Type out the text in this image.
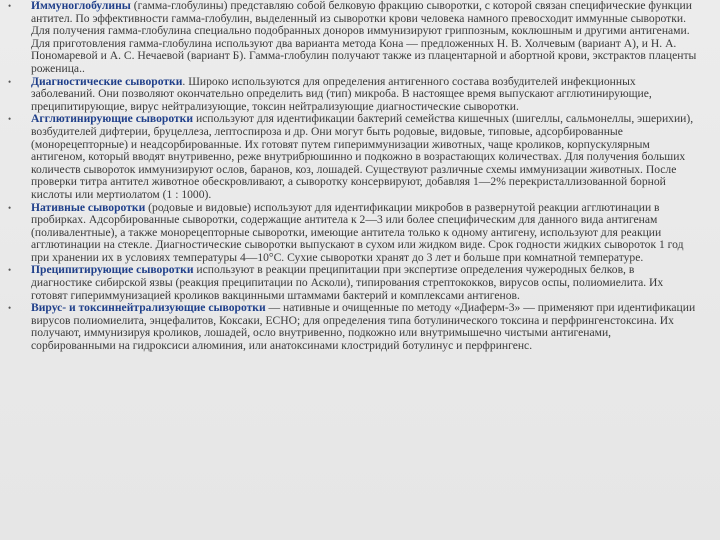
• Иммуноглобулины (гамма-глобулины) представляю собой белковую фракцию сыворотки, с которой связан специфические функции антител. По эффективности гамма-глобулин, выделенный из сыворотки крови человека намного превосходит иммунные сыворотки. Для получения гамма-глобулина специально подобранных доноров иммунизируют гриппозным, коклюшным и другими антигенами. Для приготовления гамма-глобулина используют два варианта метода Кона — предложенных Н. В. Холчевым (вариант А), и Н. А. Пономаревой и А. С. Нечаевой (вариант Б). Гамма-глобулин получают также из плацентарной и абортной крови, экстрактов плаценты роженица..
• Диагностические сыворотки. Широко используются для определения антигенного состава возбудителей инфекционных заболеваний. Они позволяют окончательно определить вид (тип) микроба. В настоящее время выпускают агглютинирующие, преципитирующие, вирус нейтрализующие, токсин нейтрализующие диагностические сыворотки.
• Агглютинирующие сыворотки используют для идентификации бактерий семейства кишечных (шигеллы, сальмонеллы, эшерихии), возбудителей дифтерии, бруцеллеза, лептоспироза и др. Они могут быть родовые, видовые, типовые, адсорбированные (монорецепторные) и неадсорбированные. Их готовят путем гипериммунизации животных, чаще кроликов, корпускулярным антигеном, который вводят внутривенно, реже внутрибрюшинно и подкожно в возрастающих количествах. Для получения больших количеств сывороток иммунизируют ослов, баранов, коз, лошадей. Существуют различные схемы иммунизации животных. После проверки титра антител животное обескровливают, а сыворотку консервируют, добавляя 1—2% перекристаллизованной борной кислоты или мертиолатом (1 : 1000).
• Нативные сыворотки (родовые и видовые) используют для идентификации микробов в развернутой реакции агглютинации в пробирках. Адсорбированные сыворотки, содержащие антитела к 2—3 или более специфическим для данного вида антигенам (поливалентные), а также монорецепторные сыворотки, имеющие антитела только к одному антигену, используют для реакции агглютинации на стекле. Диагностические сыворотки выпускают в сухом или жидком виде. Срок годности жидких сывороток 1 год при хранении их в условиях температуры 4—10°С. Сухие сыворотки хранят до 3 лет и больше при комнатной температуре.
• Преципитирующие сыворотки используют в реакции преципитации при экспертизе определения чужеродных белков, в диагностике сибирской язвы (реакция преципитации по Асколи), типирования стрептококков, вирусов оспы, полиомиелита. Их готовят гипериммунизацией кроликов вакцинными штаммами бактерий и комплексами антигенов.
• Вирус- и токсиннейтрализующие сыворотки — нативные и очищенные по методу «Диаферм-3» — применяют при идентификации вирусов полиомиелита, энцефалитов, Коксаки, ECHO; для определения типа ботулинического токсина и перфрингенстоксина. Их получают, иммунизируя кроликов, лошадей, осло внутривенно, подкожно или внутримышечно чистыми антигенами, сорбированными на гидроксиси алюминия, или анатоксинами клостридий ботулинус и перфрингенс.
